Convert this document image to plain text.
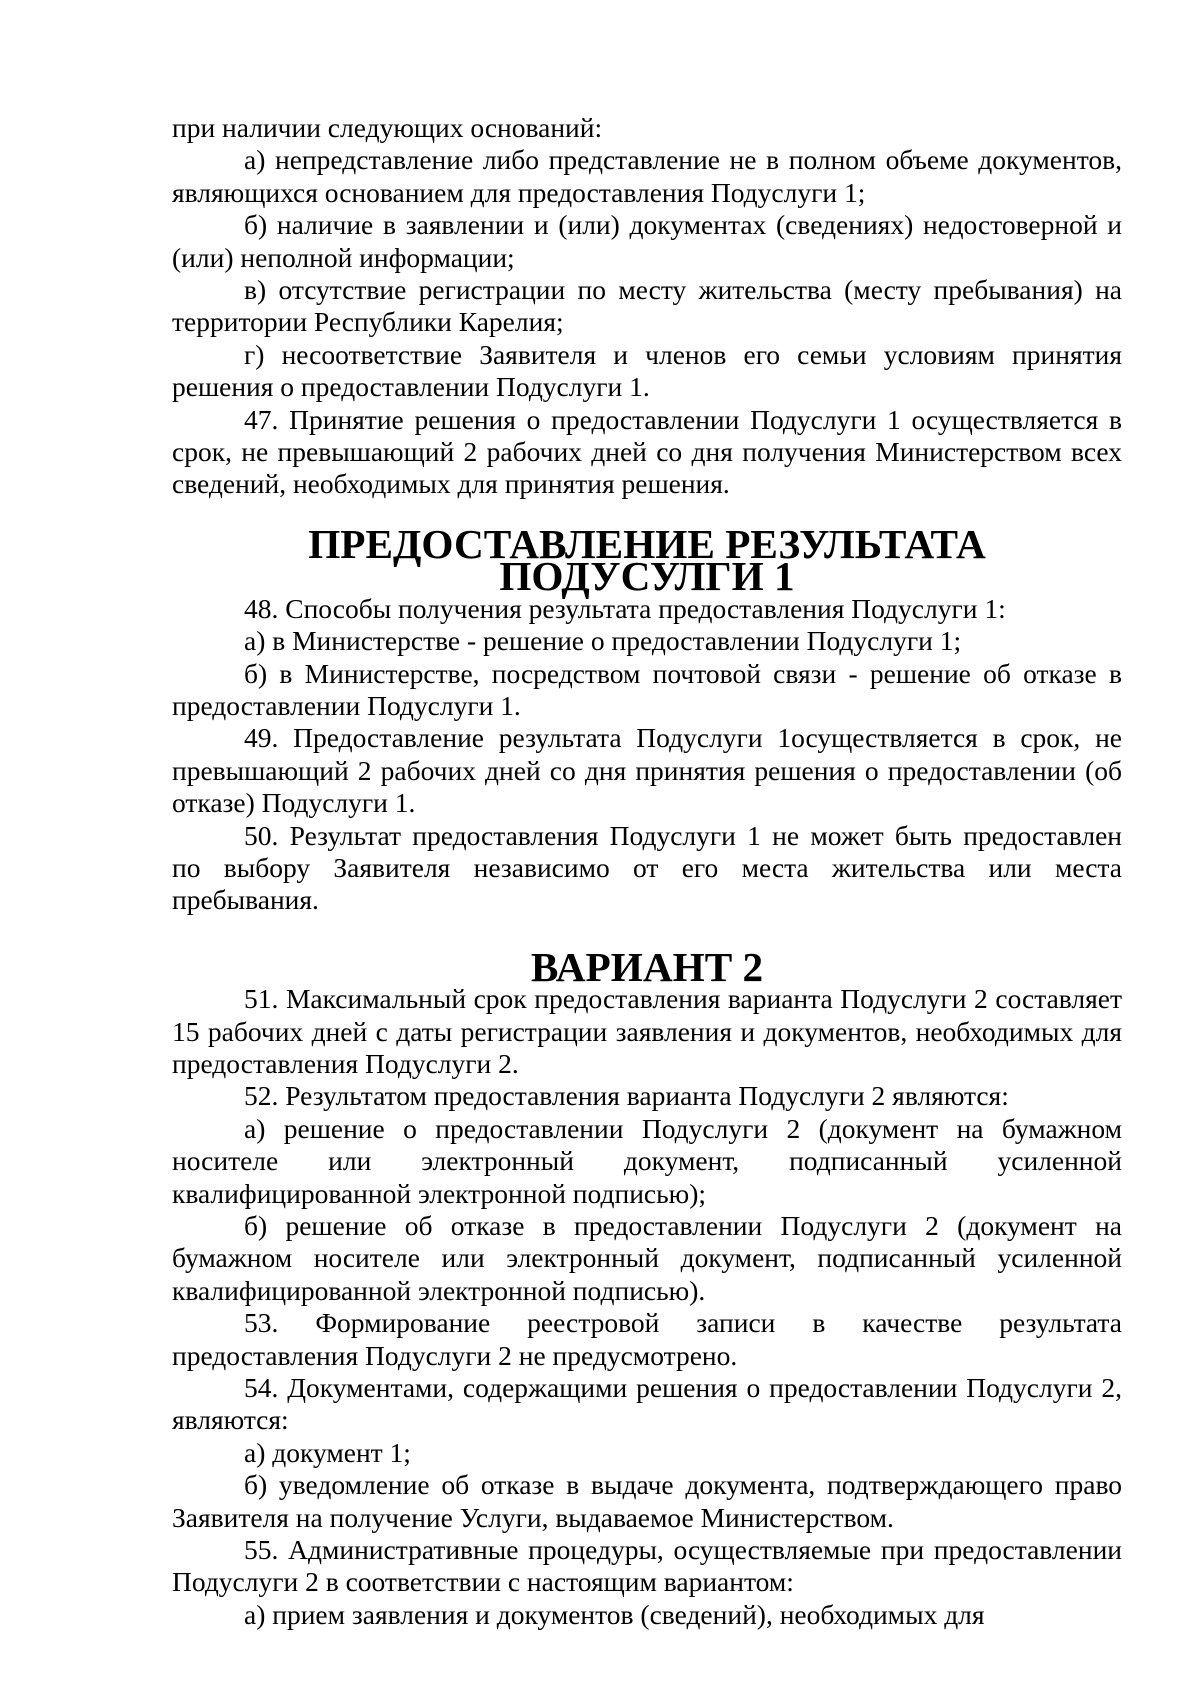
при наличии следующих оснований:

а) непредставление либо представление не в полном объеме документов, являющихся основанием для предоставления Подуслуги 1;

б) наличие в заявлении и (или) документах (сведениях) недостоверной и (или) неполной информации;

в) отсутствие регистрации по месту жительства (месту пребывания) на территории Республики Карелия;

г) несоответствие Заявителя и членов его семьи условиям принятия решения о предоставлении Подуслуги 1.

47. Принятие решения о предоставлении Подуслуги 1 осуществляется в срок, не превышающий 2 рабочих дней со дня получения Министерством всех сведений, необходимых для принятия решения.

ПРЕДОСТАВЛЕНИЕ РЕЗУЛЬТАТА ПОДУСУЛГИ 1

48. Способы получения результата предоставления Подуслуги 1:

а) в Министерстве - решение о предоставлении Подуслуги 1;

б) в Министерстве, посредством почтовой связи - решение об отказе в предоставлении Подуслуги 1.

49. Предоставление результата Подуслуги 1осуществляется в срок, не превышающий 2 рабочих дней со дня принятия решения о предоставлении (об отказе) Подуслуги 1.

50. Результат предоставления Подуслуги 1 не может быть предоставлен по выбору Заявителя независимо от его места жительства или места пребывания.

ВАРИАНТ 2

51. Максимальный срок предоставления варианта Подуслуги 2 составляет 15 рабочих дней с даты регистрации заявления и документов, необходимых для предоставления Подуслуги 2.

52. Результатом предоставления варианта Подуслуги 2 являются:

а) решение о предоставлении Подуслуги 2 (документ на бумажном носителе или электронный документ, подписанный усиленной квалифицированной электронной подписью);

б) решение об отказе в предоставлении Подуслуги 2 (документ на бумажном носителе или электронный документ, подписанный усиленной квалифицированной электронной подписью).

53. Формирование реестровой записи в качестве результата предоставления Подуслуги 2 не предусмотрено.

54. Документами, содержащими решения о предоставлении Подуслуги 2, являются:

а) документ 1;

б) уведомление об отказе в выдаче документа, подтверждающего право Заявителя на получение Услуги, выдаваемое Министерством.

55. Административные процедуры, осуществляемые при предоставлении Подуслуги 2 в соответствии с настоящим вариантом:

а) прием заявления и документов (сведений), необходимых для
